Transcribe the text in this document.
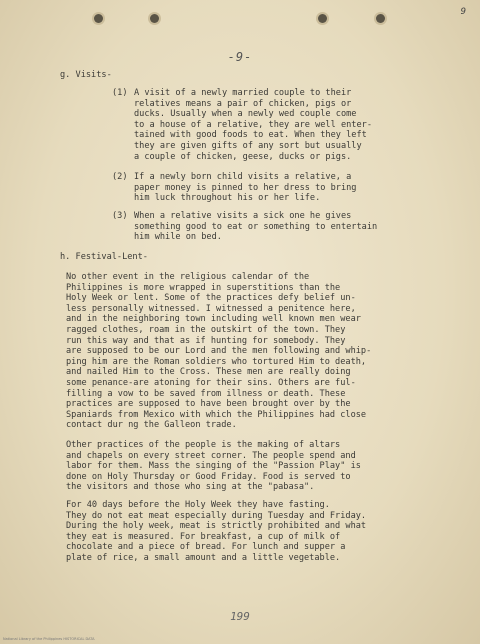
9
-9-
g. Visits-
(1) A visit of a newly married couple to their
relatives means a pair of chicken, pigs or
ducks. Usually when a newly wed couple come
to a house of a relative, they are well enter-
tained with good foods to eat. When they left
they are given gifts of any sort but usually
a couple of chicken, geese, ducks or pigs.
(2) If a newly born child visits a relative, a
paper money is pinned to her dress to bring
him luck throughout his or her life.
(3) When a relative visits a sick one he gives
something good to eat or something to entertain
him while on bed.
h. Festival-Lent-
No other event in the religious calendar of the
Philippines is more wrapped in superstitions than the
Holy Week or lent. Some of the practices defy belief un-
less personally witnessed. I witnessed a penitence here,
and in the neighboring town including well known men wear
ragged clothes, roam in the outskirt of the town. They
run this way and that as if hunting for somebody. They
are supposed to be our Lord and the men following and whip-
ping him are the Roman soldiers who tortured Him to death,
and nailed Him to the Cross. These men are really doing
some penance-are atoning for their sins. Others are ful-
filling a vow to be saved from illness or death. These
practices are supposed to have been brought over by the
Spaniards from Mexico with which the Philippines had close
contact dur ng the Galleon trade.
Other practices of the people is the making of altars
and chapels on every street corner. The people spend and
labor for them. Mass the singing of the "Passion Play" is
done on Holy Thursday or Good Friday. Food is served to
the visitors and those who sing at the "pabasa".
For 40 days before the Holy Week they have fasting.
They do not eat meat especially during Tuesday and Friday.
During the holy week, meat is strictly prohibited and what
they eat is measured. For breakfast, a cup of milk of
chocolate and a piece of bread. For lunch and supper a
plate of rice, a small amount and a little vegetable.
199
National Library of the Philippines HISTORICAL DATA
